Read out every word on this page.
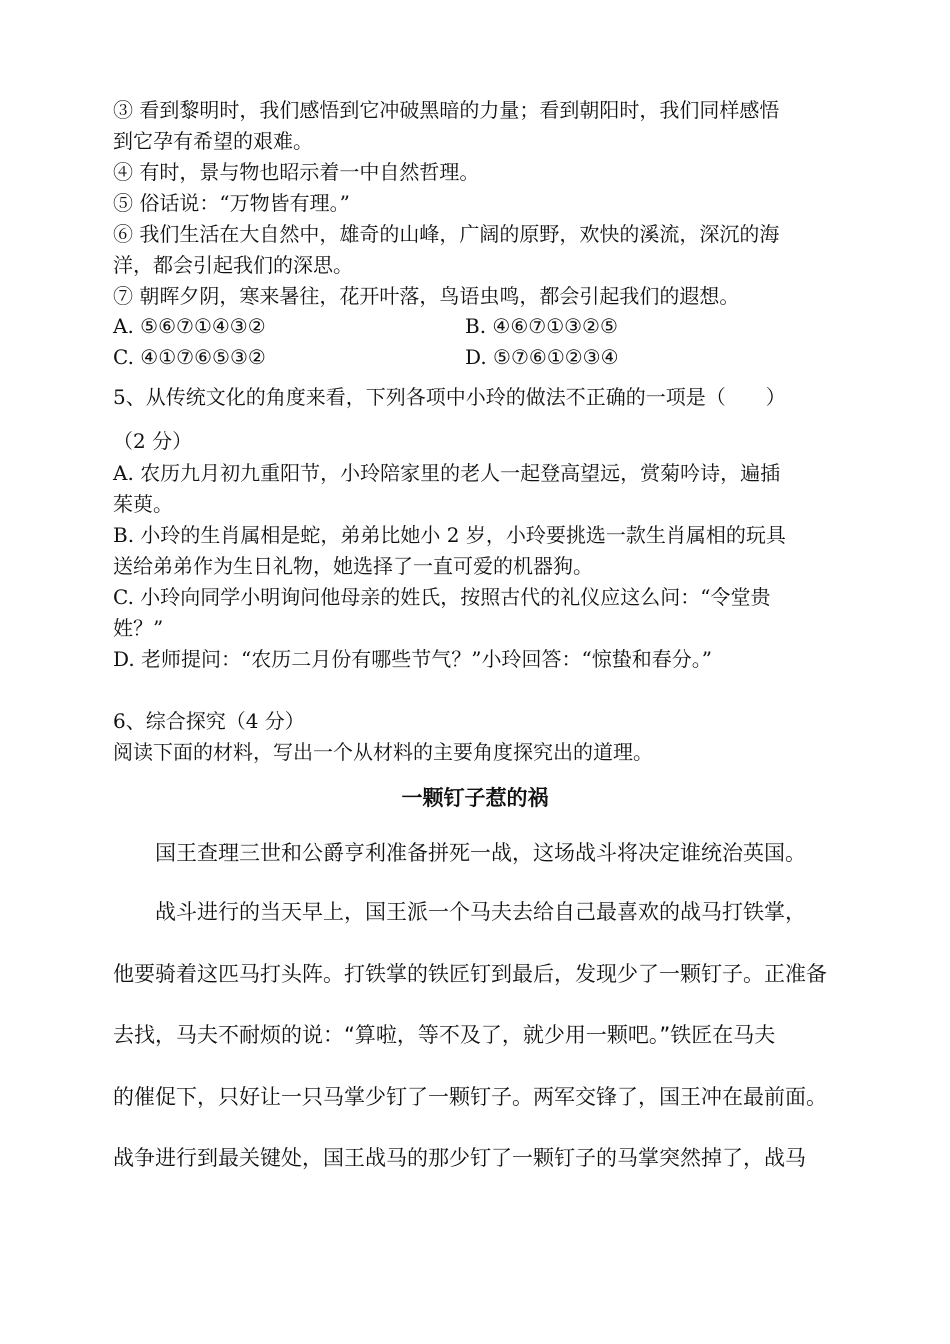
③ 看到黎明时，我们感悟到它冲破黑暗的力量；看到朝阳时，我们同样感悟
到它孕有希望的艰难。
④ 有时，景与物也昭示着一中自然哲理。
⑤ 俗话说：“万物皆有理。”
⑥ 我们生活在大自然中，雄奇的山峰，广阔的原野，欢快的溪流，深沉的海
洋，都会引起我们的深思。
⑦ 朝晖夕阴，寒来暑往，花开叶落，鸟语虫鸣，都会引起我们的遐想。
A. ⑤⑥⑦①④③②	B. ④⑥⑦①③②⑤
C. ④①⑦⑥⑤③②	D. ⑤⑦⑥①②③④
5、从传统文化的角度来看，下列各项中小玲的做法不正确的一项是（　　）
（2 分）
A. 农历九月初九重阳节，小玲陪家里的老人一起登高望远，赏菊吟诗，遍插
茱萸。
B. 小玲的生肖属相是蛇，弟弟比她小 2 岁，小玲要挑选一款生肖属相的玩具
送给弟弟作为生日礼物，她选择了一直可爱的机器狗。
C. 小玲向同学小明询问他母亲的姓氏，按照古代的礼仪应这么问：“令堂贵
姓？”
D. 老师提问：“农历二月份有哪些节气？”小玲回答：“惊蛰和春分。”
6、综合探究（4 分）
阅读下面的材料，写出一个从材料的主要角度探究出的道理。
一颗钉子惹的祸
国王查理三世和公爵亨利准备拼死一战，这场战斗将决定谁统治英国。
战斗进行的当天早上，国王派一个马夫去给自己最喜欢的战马打铁掌，
他要骑着这匹马打头阵。打铁掌的铁匠钉到最后，发现少了一颗钉子。正准备
去找，马夫不耐烦的说：“算啦，等不及了，就少用一颗吧。”铁匠在马夫
的催促下，只好让一只马掌少钉了一颗钉子。两军交锋了，国王冲在最前面。
战争进行到最关键处，国王战马的那少钉了一颗钉子的马掌突然掉了，战马
